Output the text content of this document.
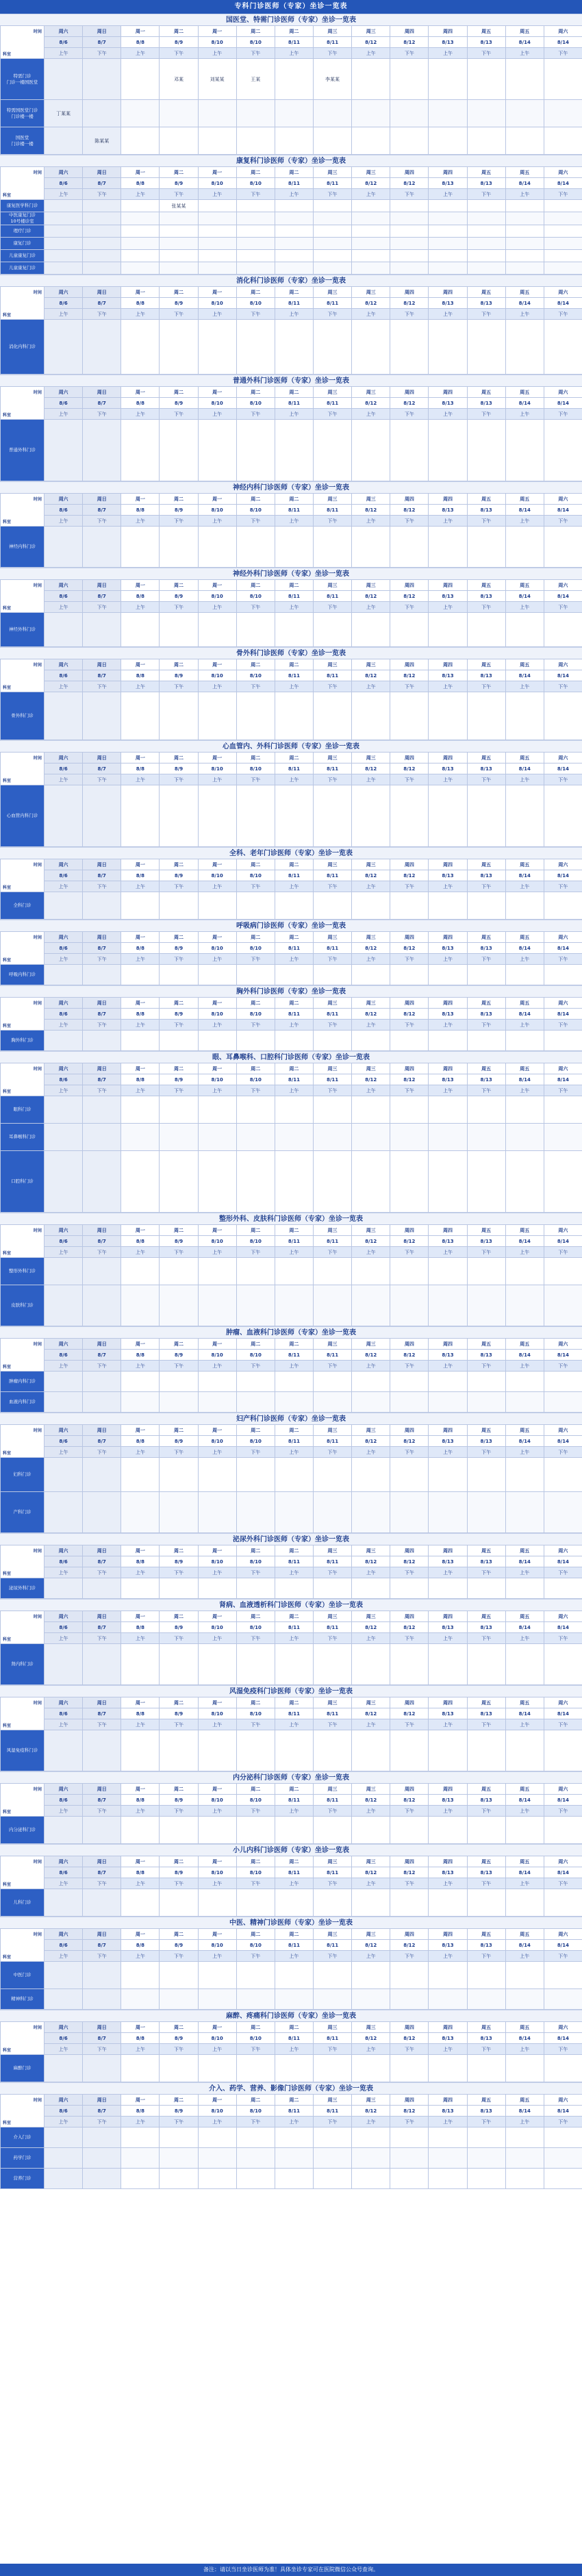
专科门诊医师（专家）坐诊一览表
国医堂、特需门诊医师（专家）坐诊一览表
时间
科室	周六	周日	周一	周二	周一	周二	周二	周三	周三	周四	周四	周五	周五	周六
	8/6	8/7	8/8	8/9	8/10	8/10	8/11	8/11	8/12	8/12	8/13	8/13	8/14	8/14
	上午	下午	上午	下午	上午	下午	上午	下午	上午	下午	上午	下午	上午	下午
特需门诊
门诊一楼国医堂				邓某	刘某某	王某		李某某						
特需国医堂门诊
门诊楼一楼	丁某某													
国医堂
门诊楼一楼		陈某某												
康复科门诊医师（专家）坐诊一览表
时间
科室	周六	周日	周一	周二	周一	周二	周二	周三	周三	周四	周四	周五	周五	周六
	8/6	8/7	8/8	8/9	8/10	8/10	8/11	8/11	8/12	8/12	8/13	8/13	8/14	8/14
	上午	下午	上午	下午	上午	下午	上午	下午	上午	下午	上午	下午	上午	下午
康复医学科门诊				张某某										
中医康复门诊
10号楼诊室														
理疗门诊														
康复门诊														
儿童康复门诊														
儿童康复门诊														
消化科门诊医师（专家）坐诊一览表
时间
科室	周六	周日	周一	周二	周一	周二	周二	周三	周三	周四	周四	周五	周五	周六
	8/6	8/7	8/8	8/9	8/10	8/10	8/11	8/11	8/12	8/12	8/13	8/13	8/14	8/14
	上午	下午	上午	下午	上午	下午	上午	下午	上午	下午	上午	下午	上午	下午
消化内科门诊														
普通外科门诊医师（专家）坐诊一览表
时间
科室	周六	周日	周一	周二	周一	周二	周二	周三	周三	周四	周四	周五	周五	周六
	8/6	8/7	8/8	8/9	8/10	8/10	8/11	8/11	8/12	8/12	8/13	8/13	8/14	8/14
	上午	下午	上午	下午	上午	下午	上午	下午	上午	下午	上午	下午	上午	下午
普通外科门诊														
神经内科门诊医师（专家）坐诊一览表
时间
科室	周六	周日	周一	周二	周一	周二	周二	周三	周三	周四	周四	周五	周五	周六
	8/6	8/7	8/8	8/9	8/10	8/10	8/11	8/11	8/12	8/12	8/13	8/13	8/14	8/14
	上午	下午	上午	下午	上午	下午	上午	下午	上午	下午	上午	下午	上午	下午
神经内科门诊														
神经外科门诊医师（专家）坐诊一览表
时间
科室	周六	周日	周一	周二	周一	周二	周二	周三	周三	周四	周四	周五	周五	周六
	8/6	8/7	8/8	8/9	8/10	8/10	8/11	8/11	8/12	8/12	8/13	8/13	8/14	8/14
	上午	下午	上午	下午	上午	下午	上午	下午	上午	下午	上午	下午	上午	下午
神经外科门诊														
骨外科门诊医师（专家）坐诊一览表
时间
科室	周六	周日	周一	周二	周一	周二	周二	周三	周三	周四	周四	周五	周五	周六
	8/6	8/7	8/8	8/9	8/10	8/10	8/11	8/11	8/12	8/12	8/13	8/13	8/14	8/14
	上午	下午	上午	下午	上午	下午	上午	下午	上午	下午	上午	下午	上午	下午
骨外科门诊														
心血管内、外科门诊医师（专家）坐诊一览表
时间
科室	周六	周日	周一	周二	周一	周二	周二	周三	周三	周四	周四	周五	周五	周六
	8/6	8/7	8/8	8/9	8/10	8/10	8/11	8/11	8/12	8/12	8/13	8/13	8/14	8/14
	上午	下午	上午	下午	上午	下午	上午	下午	上午	下午	上午	下午	上午	下午
心血管内科门诊														
全科、老年门诊医师（专家）坐诊一览表
时间
科室	周六	周日	周一	周二	周一	周二	周二	周三	周三	周四	周四	周五	周五	周六
	8/6	8/7	8/8	8/9	8/10	8/10	8/11	8/11	8/12	8/12	8/13	8/13	8/14	8/14
	上午	下午	上午	下午	上午	下午	上午	下午	上午	下午	上午	下午	上午	下午
全科门诊														
呼吸病门诊医师（专家）坐诊一览表
时间
科室	周六	周日	周一	周二	周一	周二	周二	周三	周三	周四	周四	周五	周五	周六
	8/6	8/7	8/8	8/9	8/10	8/10	8/11	8/11	8/12	8/12	8/13	8/13	8/14	8/14
	上午	下午	上午	下午	上午	下午	上午	下午	上午	下午	上午	下午	上午	下午
呼吸内科门诊														
胸外科门诊医师（专家）坐诊一览表
时间
科室	周六	周日	周一	周二	周一	周二	周二	周三	周三	周四	周四	周五	周五	周六
	8/6	8/7	8/8	8/9	8/10	8/10	8/11	8/11	8/12	8/12	8/13	8/13	8/14	8/14
	上午	下午	上午	下午	上午	下午	上午	下午	上午	下午	上午	下午	上午	下午
胸外科门诊														
眼、耳鼻喉科、口腔科门诊医师（专家）坐诊一览表
时间
科室	周六	周日	周一	周二	周一	周二	周二	周三	周三	周四	周四	周五	周五	周六
	8/6	8/7	8/8	8/9	8/10	8/10	8/11	8/11	8/12	8/12	8/13	8/13	8/14	8/14
	上午	下午	上午	下午	上午	下午	上午	下午	上午	下午	上午	下午	上午	下午
眼科门诊														
耳鼻喉科门诊														
口腔科门诊														
整形外科、皮肤科门诊医师（专家）坐诊一览表
时间
科室	周六	周日	周一	周二	周一	周二	周二	周三	周三	周四	周四	周五	周五	周六
	8/6	8/7	8/8	8/9	8/10	8/10	8/11	8/11	8/12	8/12	8/13	8/13	8/14	8/14
	上午	下午	上午	下午	上午	下午	上午	下午	上午	下午	上午	下午	上午	下午
整形外科门诊														
皮肤科门诊														
肿瘤、血液科门诊医师（专家）坐诊一览表
时间
科室	周六	周日	周一	周二	周一	周二	周二	周三	周三	周四	周四	周五	周五	周六
	8/6	8/7	8/8	8/9	8/10	8/10	8/11	8/11	8/12	8/12	8/13	8/13	8/14	8/14
	上午	下午	上午	下午	上午	下午	上午	下午	上午	下午	上午	下午	上午	下午
肿瘤内科门诊														
血液内科门诊														
妇产科门诊医师（专家）坐诊一览表
时间
科室	周六	周日	周一	周二	周一	周二	周二	周三	周三	周四	周四	周五	周五	周六
	8/6	8/7	8/8	8/9	8/10	8/10	8/11	8/11	8/12	8/12	8/13	8/13	8/14	8/14
	上午	下午	上午	下午	上午	下午	上午	下午	上午	下午	上午	下午	上午	下午
妇科门诊														
产科门诊														
泌尿外科门诊医师（专家）坐诊一览表
时间
科室	周六	周日	周一	周二	周一	周二	周二	周三	周三	周四	周四	周五	周五	周六
	8/6	8/7	8/8	8/9	8/10	8/10	8/11	8/11	8/12	8/12	8/13	8/13	8/14	8/14
	上午	下午	上午	下午	上午	下午	上午	下午	上午	下午	上午	下午	上午	下午
泌尿外科门诊														
肾病、血液透析科门诊医师（专家）坐诊一览表
时间
科室	周六	周日	周一	周二	周一	周二	周二	周三	周三	周四	周四	周五	周五	周六
	8/6	8/7	8/8	8/9	8/10	8/10	8/11	8/11	8/12	8/12	8/13	8/13	8/14	8/14
	上午	下午	上午	下午	上午	下午	上午	下午	上午	下午	上午	下午	上午	下午
肾内科门诊														
风湿免疫科门诊医师（专家）坐诊一览表
时间
科室	周六	周日	周一	周二	周一	周二	周二	周三	周三	周四	周四	周五	周五	周六
	8/6	8/7	8/8	8/9	8/10	8/10	8/11	8/11	8/12	8/12	8/13	8/13	8/14	8/14
	上午	下午	上午	下午	上午	下午	上午	下午	上午	下午	上午	下午	上午	下午
风湿免疫科门诊														
内分泌科门诊医师（专家）坐诊一览表
时间
科室	周六	周日	周一	周二	周一	周二	周二	周三	周三	周四	周四	周五	周五	周六
	8/6	8/7	8/8	8/9	8/10	8/10	8/11	8/11	8/12	8/12	8/13	8/13	8/14	8/14
	上午	下午	上午	下午	上午	下午	上午	下午	上午	下午	上午	下午	上午	下午
内分泌科门诊														
小儿内科门诊医师（专家）坐诊一览表
时间
科室	周六	周日	周一	周二	周一	周二	周二	周三	周三	周四	周四	周五	周五	周六
	8/6	8/7	8/8	8/9	8/10	8/10	8/11	8/11	8/12	8/12	8/13	8/13	8/14	8/14
	上午	下午	上午	下午	上午	下午	上午	下午	上午	下午	上午	下午	上午	下午
儿科门诊														
中医、精神门诊医师（专家）坐诊一览表
时间
科室	周六	周日	周一	周二	周一	周二	周二	周三	周三	周四	周四	周五	周五	周六
	8/6	8/7	8/8	8/9	8/10	8/10	8/11	8/11	8/12	8/12	8/13	8/13	8/14	8/14
	上午	下午	上午	下午	上午	下午	上午	下午	上午	下午	上午	下午	上午	下午
中医门诊														
精神科门诊														
麻醉、疼痛科门诊医师（专家）坐诊一览表
时间
科室	周六	周日	周一	周二	周一	周二	周二	周三	周三	周四	周四	周五	周五	周六
	8/6	8/7	8/8	8/9	8/10	8/10	8/11	8/11	8/12	8/12	8/13	8/13	8/14	8/14
	上午	下午	上午	下午	上午	下午	上午	下午	上午	下午	上午	下午	上午	下午
麻醉门诊														
介入、药学、营养、影像门诊医师（专家）坐诊一览表
时间
科室	周六	周日	周一	周二	周一	周二	周二	周三	周三	周四	周四	周五	周五	周六
	8/6	8/7	8/8	8/9	8/10	8/10	8/11	8/11	8/12	8/12	8/13	8/13	8/14	8/14
	上午	下午	上午	下午	上午	下午	上午	下午	上午	下午	上午	下午	上午	下午
介入门诊														
药学门诊														
营养门诊														
备注：请以当日坐诊医师为准！具体坐诊专家可在医院微信公众号查询。
